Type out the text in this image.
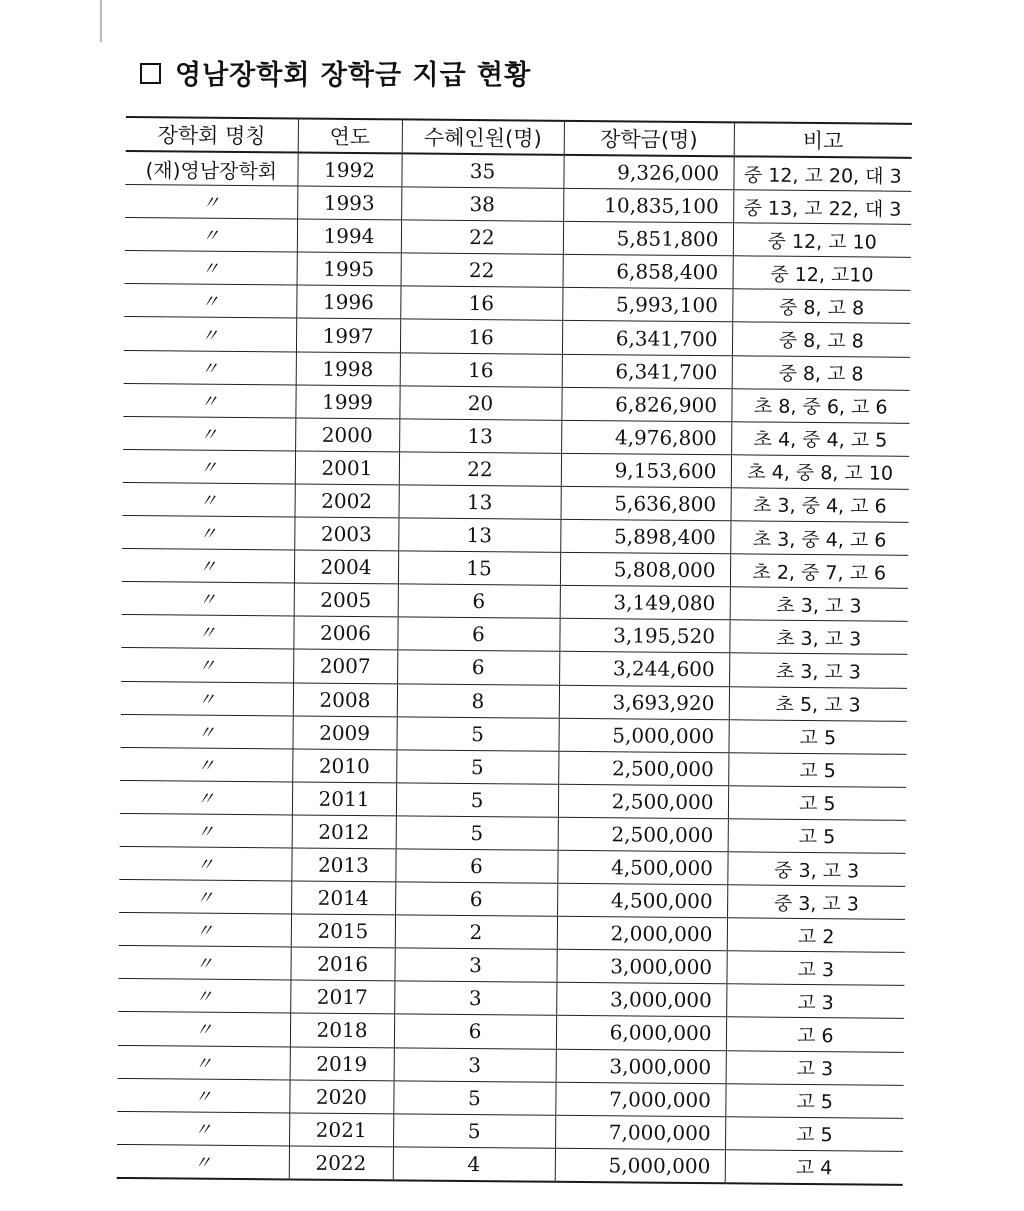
영남장학회 장학금 지급 현황
장학회 명칭	연도	수혜인원(명)	장학금(명)	비고
(재)영남장학회	1992	35	9,326,000	중 12, 고 20, 대 3
〃	1993	38	10,835,100	중 13, 고 22, 대 3
〃	1994	22	5,851,800	중 12, 고 10
〃	1995	22	6,858,400	중 12, 고10
〃	1996	16	5,993,100	중 8, 고 8
〃	1997	16	6,341,700	중 8, 고 8
〃	1998	16	6,341,700	중 8, 고 8
〃	1999	20	6,826,900	초 8, 중 6, 고 6
〃	2000	13	4,976,800	초 4, 중 4, 고 5
〃	2001	22	9,153,600	초 4, 중 8, 고 10
〃	2002	13	5,636,800	초 3, 중 4, 고 6
〃	2003	13	5,898,400	초 3, 중 4, 고 6
〃	2004	15	5,808,000	초 2, 중 7, 고 6
〃	2005	6	3,149,080	초 3, 고 3
〃	2006	6	3,195,520	초 3, 고 3
〃	2007	6	3,244,600	초 3, 고 3
〃	2008	8	3,693,920	초 5, 고 3
〃	2009	5	5,000,000	고 5
〃	2010	5	2,500,000	고 5
〃	2011	5	2,500,000	고 5
〃	2012	5	2,500,000	고 5
〃	2013	6	4,500,000	중 3, 고 3
〃	2014	6	4,500,000	중 3, 고 3
〃	2015	2	2,000,000	고 2
〃	2016	3	3,000,000	고 3
〃	2017	3	3,000,000	고 3
〃	2018	6	6,000,000	고 6
〃	2019	3	3,000,000	고 3
〃	2020	5	7,000,000	고 5
〃	2021	5	7,000,000	고 5
〃	2022	4	5,000,000	고 4
